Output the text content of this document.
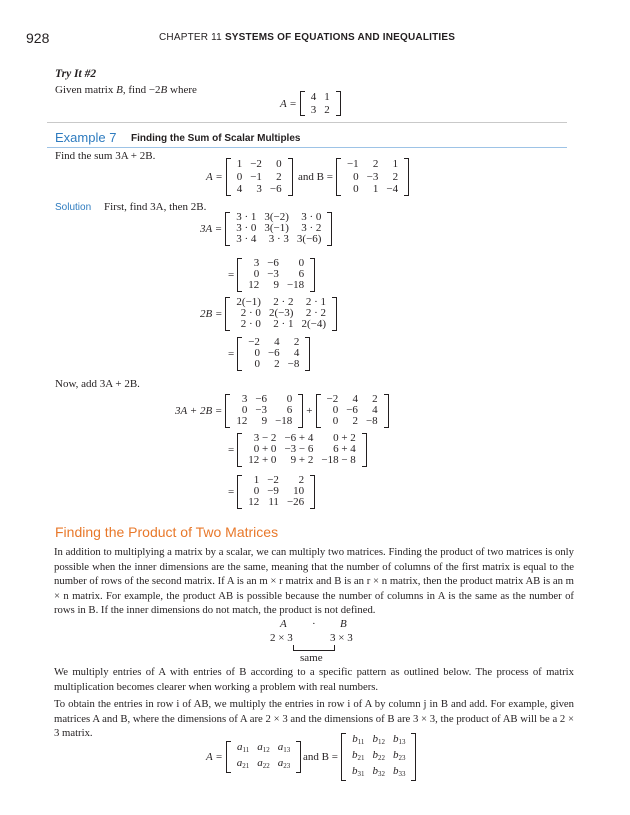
928	CHAPTER 11 SYSTEMS OF EQUATIONS AND INEQUALITIES
Try It #2
Given matrix B, find −2B where
A =
4	1
3	2
Example 7 Finding the Sum of Scalar Multiples
Find the sum 3A + 2B.
A =
1	−2	0
0	−1	2
4	3	−6
and B =
−1	2	1
0	−3	2
0	1	−4
Solution First, find 3A, then 2B.
3A =
3 · 1	3(−2)	3 · 0
3 · 0	3(−1)	3 · 2
3 · 4	3 · 3	3(−6)
=
3	−6	0
0	−3	6
12	9	−18
2B =
2(−1)	2 · 2	2 · 1
2 · 0	2(−3)	2 · 2
2 · 0	2 · 1	2(−4)
=
−2	4	2
0	−6	4
0	2	−8
Now, add 3A + 2B.
3A + 2B =
3	−6	0
0	−3	6
12	9	−18
+
−2	4	2
0	−6	4
0	2	−8
=
3 − 2	−6 + 4	0 + 2
0 + 0	−3 − 6	6 + 4
12 + 0	9 + 2	−18 − 8
=
1	−2	2
0	−9	10
12	11	−26
Finding the Product of Two Matrices
In addition to multiplying a matrix by a scalar, we can multiply two matrices. Finding the product of two matrices is only possible when the inner dimensions are the same, meaning that the number of columns of the first matrix is equal to the number of rows of the second matrix. If A is an m × r matrix and B is an r × n matrix, then the product matrix AB is an m × n matrix. For example, the product AB is possible because the number of columns in A is the same as the number of rows in B. If the inner dimensions do not match, the product is not defined.
A · B
2 × 3	3 × 3
same
We multiply entries of A with entries of B according to a specific pattern as outlined below. The process of matrix multiplication becomes clearer when working a problem with real numbers.
To obtain the entries in row i of AB, we multiply the entries in row i of A by column j in B and add. For example, given matrices A and B, where the dimensions of A are 2 × 3 and the dimensions of B are 3 × 3, the product of AB will be a 2 × 3 matrix.
A =
a11	a12	a13
a21	a22	a23
and B =
b11	b12	b13
b21	b22	b23
b31	b32	b33
